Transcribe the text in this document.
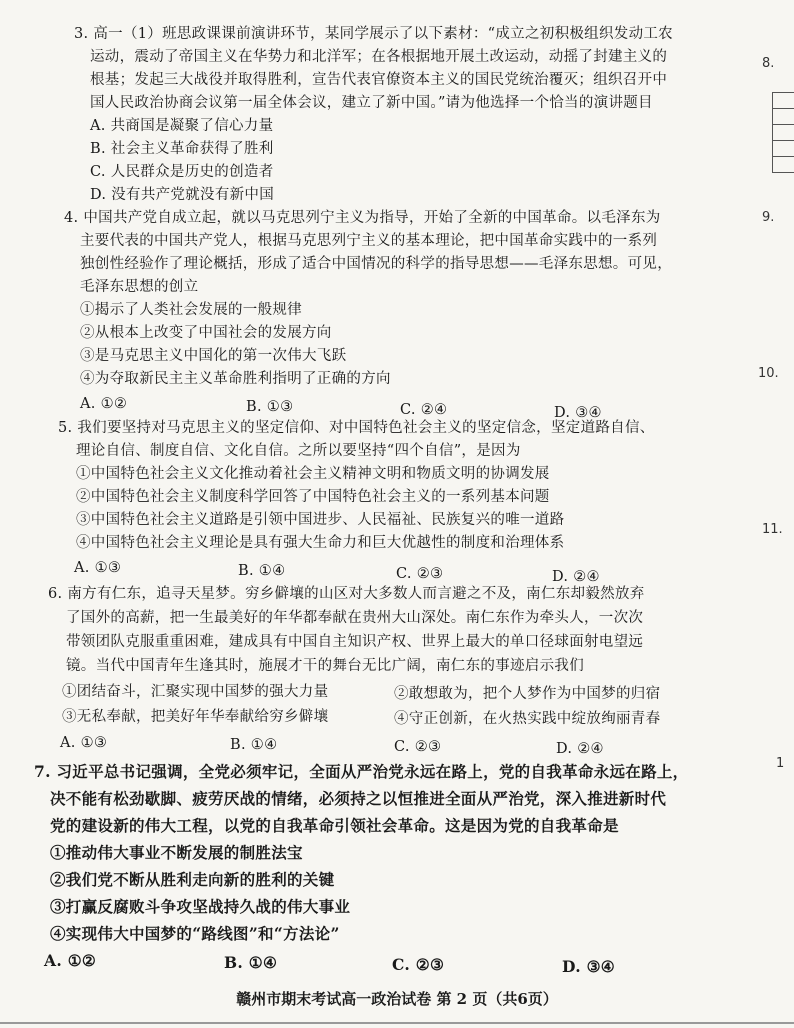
3. 高一（1）班思政课课前演讲环节，某同学展示了以下素材：“成立之初积极组织发动工农
运动，震动了帝国主义在华势力和北洋军；在各根据地开展土改运动，动摇了封建主义的
根基；发起三大战役并取得胜利，宣告代表官僚资本主义的国民党统治覆灭；组织召开中
国人民政治协商会议第一届全体会议，建立了新中国。”请为他选择一个恰当的演讲题目
A. 共商国是凝聚了信心力量
B. 社会主义革命获得了胜利
C. 人民群众是历史的创造者
D. 没有共产党就没有新中国
4. 中国共产党自成立起，就以马克思列宁主义为指导，开始了全新的中国革命。以毛泽东为
主要代表的中国共产党人，根据马克思列宁主义的基本理论，把中国革命实践中的一系列
独创性经验作了理论概括，形成了适合中国情况的科学的指导思想——毛泽东思想。可见，
毛泽东思想的创立
①揭示了人类社会发展的一般规律
②从根本上改变了中国社会的发展方向
③是马克思主义中国化的第一次伟大飞跃
④为夺取新民主主义革命胜利指明了正确的方向
A. ①②	B. ①③	C. ②④	D. ③④
5. 我们要坚持对马克思主义的坚定信仰、对中国特色社会主义的坚定信念，坚定道路自信、
理论自信、制度自信、文化自信。之所以要坚持“四个自信”，是因为
①中国特色社会主义文化推动着社会主义精神文明和物质文明的协调发展
②中国特色社会主义制度科学回答了中国特色社会主义的一系列基本问题
③中国特色社会主义道路是引领中国进步、人民福祉、民族复兴的唯一道路
④中国特色社会主义理论是具有强大生命力和巨大优越性的制度和治理体系
A. ①③	B. ①④	C. ②③	D. ②④
6. 南方有仁东，追寻天星梦。穷乡僻壤的山区对大多数人而言避之不及，南仁东却毅然放弃
了国外的高薪，把一生最美好的年华都奉献在贵州大山深处。南仁东作为牵头人，一次次
带领团队克服重重困难，建成具有中国自主知识产权、世界上最大的单口径球面射电望远
镜。当代中国青年生逢其时，施展才干的舞台无比广阔，南仁东的事迹启示我们
①团结奋斗，汇聚实现中国梦的强大力量	②敢想敢为，把个人梦作为中国梦的归宿
③无私奉献，把美好年华奉献给穷乡僻壤	④守正创新，在火热实践中绽放绚丽青春
A. ①③	B. ①④	C. ②③	D. ②④
7. 习近平总书记强调，全党必须牢记，全面从严治党永远在路上，党的自我革命永远在路上，
决不能有松劲歇脚、疲劳厌战的情绪，必须持之以恒推进全面从严治党，深入推进新时代
党的建设新的伟大工程，以党的自我革命引领社会革命。这是因为党的自我革命是
①推动伟大事业不断发展的制胜法宝
②我们党不断从胜利走向新的胜利的关键
③打赢反腐败斗争攻坚战持久战的伟大事业
④实现伟大中国梦的“路线图”和“方法论”
A. ①②	B. ①④	C. ②③	D. ③④
8.
9.
10.
11.
1
赣州市期末考试高一政治试卷 第 2 页（共6页）
